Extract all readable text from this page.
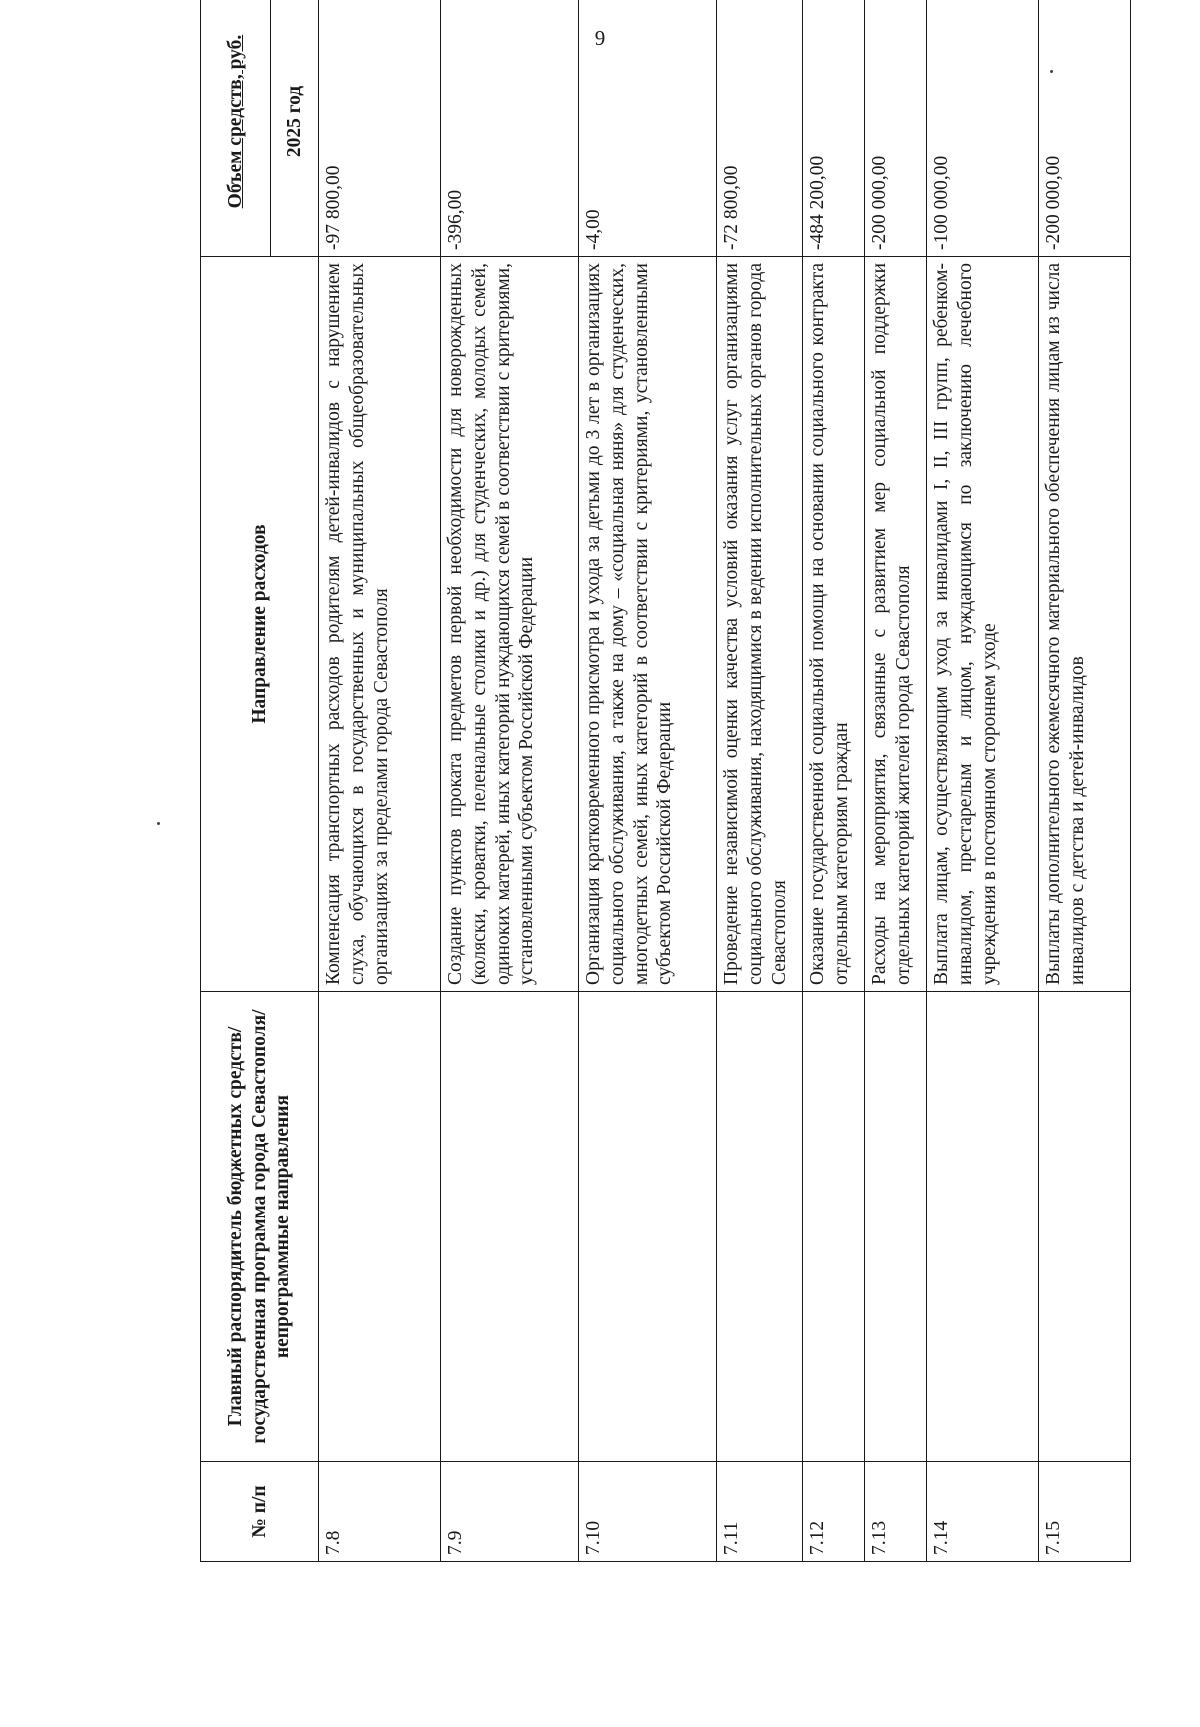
9
№ п/п	Главный распорядитель бюджетных средств/государственная программа города Севастополя/непрограммные направления	Направление расходов	Объем средств, руб.
			2025 год
7.8		Компенсация транспортных расходов родителям детей-инвалидов с нарушением слуха, обучающихся в государственных и муниципальных общеобразовательных организациях за пределами города Севастополя	-97 800,00
7.9		Создание пунктов проката предметов первой необходимости для новорожденных (коляски, кроватки, пеленальные столики и др.) для студенческих, молодых семей, одиноких матерей, иных категорий нуждающихся семей в соответствии с критериями, установленными субъектом Российской Федерации	-396,00
7.10		Организация кратковременного присмотра и ухода за детьми до 3 лет в организациях социального обслуживания, а также на дому – «социальная няня» для студенческих, многодетных семей, иных категорий в соответствии с критериями, установленными субъектом Российской Федерации	-4,00
7.11		Проведение независимой оценки качества условий оказания услуг организациями социального обслуживания, находящимися в ведении исполнительных органов города Севастополя	-72 800,00
7.12		Оказание государственной социальной помощи на основании социального контракта отдельным категориям граждан	-484 200,00
7.13		Расходы на мероприятия, связанные с развитием мер социальной поддержки отдельных категорий жителей города Севастополя	-200 000,00
7.14		Выплата лицам, осуществляющим уход за инвалидами I, II, III групп, ребенком-инвалидом, престарелым и лицом, нуждающимся по заключению лечебного учреждения в постоянном стороннем уходе	-100 000,00
7.15		Выплаты дополнительного ежемесячного материального обеспечения лицам из числа инвалидов с детства и детей-инвалидов	-200 000,00
